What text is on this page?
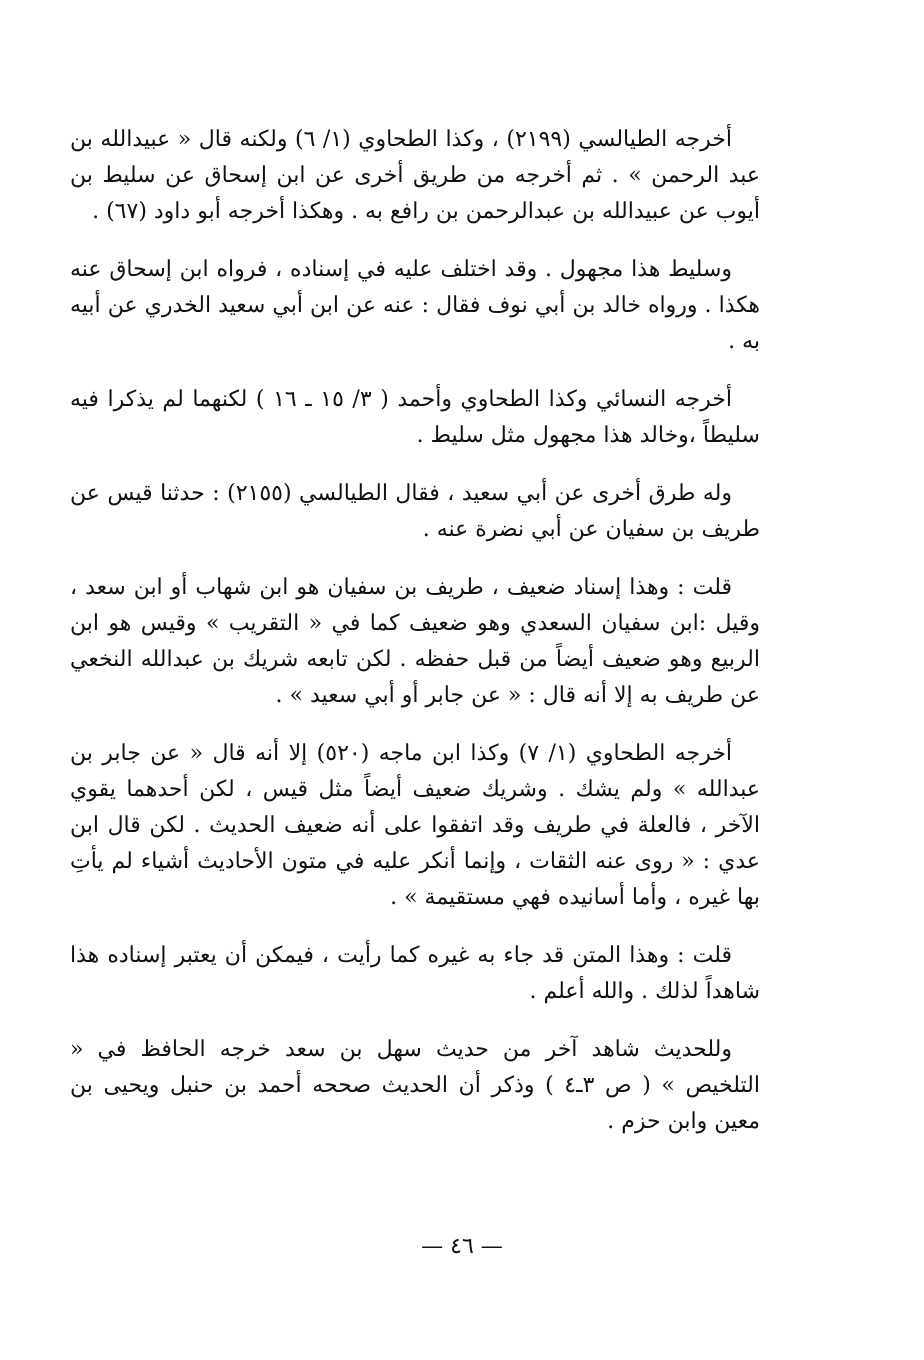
أخرجه الطيالسي (٢١٩٩) ، وكذا الطحاوي (١/ ٦) ولكنه قال « عبيدالله بن عبد الرحمن » . ثم أخرجه من طريق أخرى عن ابن إسحاق عن سليط بن أيوب عن عبيدالله بن عبدالرحمن بن رافع به . وهكذا أخرجه أبو داود (٦٧) .

وسليط هذا مجهول . وقد اختلف عليه في إسناده ، فرواه ابن إسحاق عنه هكذا . ورواه خالد بن أبي نوف فقال : عنه عن ابن أبي سعيد الخدري عن أبيه به .

أخرجه النسائي وكذا الطحاوي وأحمد ( ٣/ ١٥ ـ ١٦ ) لكنهما لم يذكرا فيه سليطاً ،وخالد هذا مجهول مثل سليط .

وله طرق أخرى عن أبي سعيد ، فقال الطيالسي (٢١٥٥) : حدثنا قيس عن طريف بن سفيان عن أبي نضرة عنه .

قلت : وهذا إسناد ضعيف ، طريف بن سفيان هو ابن شهاب أو ابن سعد ، وقيل :ابن سفيان السعدي وهو ضعيف كما في « التقريب » وقيس هو ابن الربيع وهو ضعيف أيضاً من قبل حفظه . لكن تابعه شريك بن عبدالله النخعي عن طريف به إلا أنه قال : « عن جابر أو أبي سعيد » .

أخرجه الطحاوي (١/ ٧) وكذا ابن ماجه (٥٢٠) إلا أنه قال « عن جابر بن عبدالله » ولم يشك . وشريك ضعيف أيضاً مثل قيس ، لكن أحدهما يقوي الآخر ، فالعلة في طريف وقد اتفقوا على أنه ضعيف الحديث . لكن قال ابن عدي : « روى عنه الثقات ، وإنما أنكر عليه في متون الأحاديث أشياء لم يأتِ بها غيره ، وأما أسانيده فهي مستقيمة » .

قلت : وهذا المتن قد جاء به غيره كما رأيت ، فيمكن أن يعتبر إسناده هذا شاهداً لذلك . والله أعلم .

وللحديث شاهد آخر من حديث سهل بن سعد خرجه الحافظ في « التلخيص » ( ص ٣ـ٤ ) وذكر أن الحديث صححه أحمد بن حنبل ويحيى بن معين وابن حزم .

— ٤٦ —
